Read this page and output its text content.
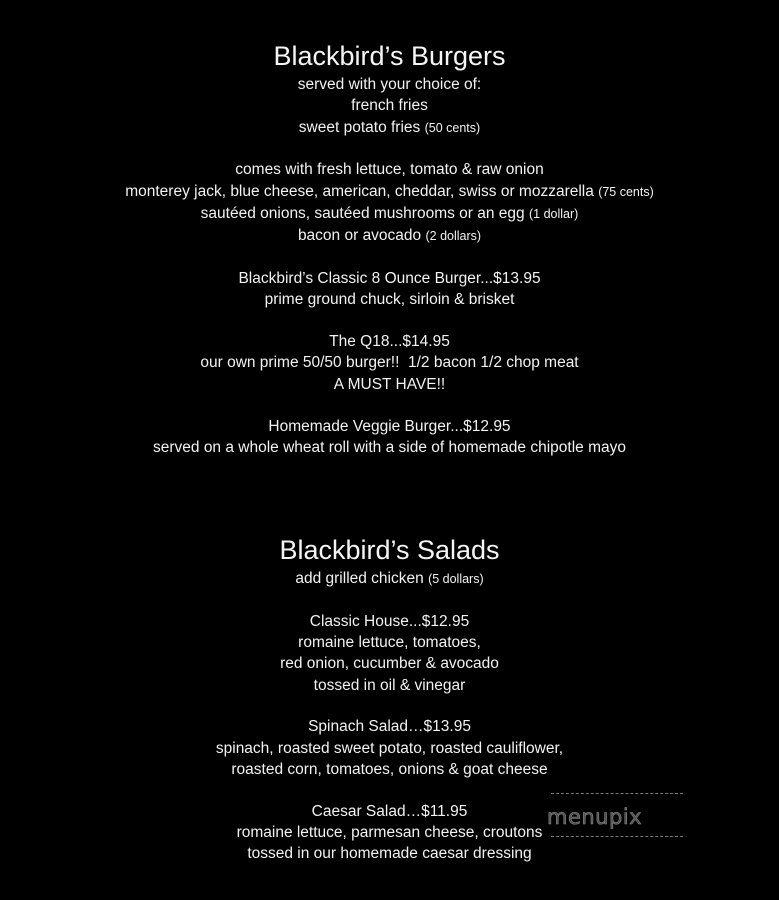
Blackbird’s Burgers

served with your choice of:

french fries

sweet potato fries (50 cents)

comes with fresh lettuce, tomato & raw onion

monterey jack, blue cheese, american, cheddar, swiss or mozzarella (75 cents)

sautéed onions, sautéed mushrooms or an egg (1 dollar)

bacon or avocado (2 dollars)

Blackbird’s Classic 8 Ounce Burger...$13.95

prime ground chuck, sirloin & brisket

The Q18...$14.95

our own prime 50/50 burger!!  1/2 bacon 1/2 chop meat

A MUST HAVE!!

Homemade Veggie Burger...$12.95

served on a whole wheat roll with a side of homemade chipotle mayo

Blackbird’s Salads

add grilled chicken (5 dollars)

Classic House...$12.95

romaine lettuce, tomatoes,

red onion, cucumber & avocado

tossed in oil & vinegar

Spinach Salad…$13.95

spinach, roasted sweet potato, roasted cauliflower,

roasted corn, tomatoes, onions & goat cheese

Caesar Salad…$11.95

romaine lettuce, parmesan cheese, croutons

tossed in our homemade caesar dressing

menupix
